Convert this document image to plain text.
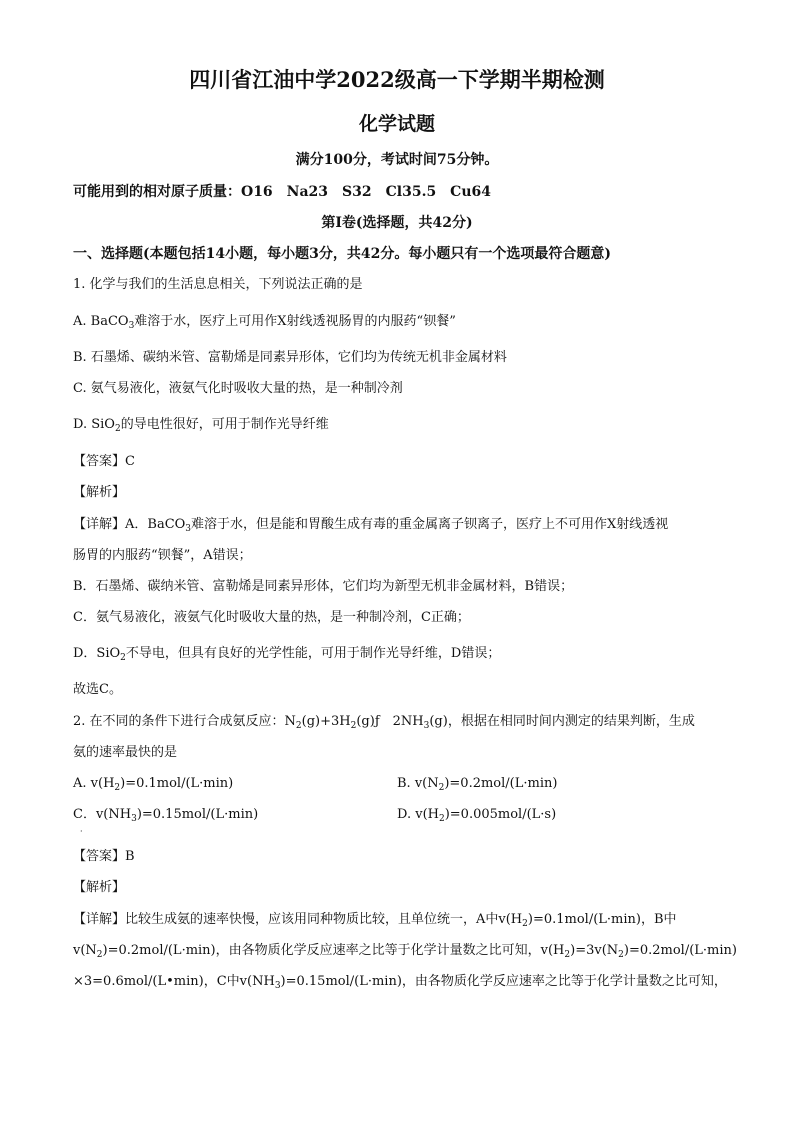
四川省江油中学2022级高一下学期半期检测
化学试题
满分100分，考试时间75分钟。
可能用到的相对原子质量：O16　Na23　S32　Cl35.5　Cu64
第I卷(选择题，共42分)
一、选择题(本题包括14小题，每小题3分，共42分。每小题只有一个选项最符合题意)
1. 化学与我们的生活息息相关，下列说法正确的是
A. BaCO$_3$难溶于水，医疗上可用作X射线透视肠胃的内服药“钡餐”
B. 石墨烯、碳纳米管、富勒烯是同素异形体，它们均为传统无机非金属材料
C. 氨气易液化，液氨气化时吸收大量的热，是一种制冷剂
D. SiO$_2$的导电性很好，可用于制作光导纤维
【答案】C
【解析】
【详解】A．BaCO$_3$难溶于水，但是能和胃酸生成有毒的重金属离子钡离子，医疗上不可用作X射线透视
肠胃的内服药“钡餐”，A错误；
B．石墨烯、碳纳米管、富勒烯是同素异形体，它们均为新型无机非金属材料，B错误；
C．氨气易液化，液氨气化时吸收大量的热，是一种制冷剂，C正确；
D．SiO$_2$不导电，但具有良好的光学性能，可用于制作光导纤维，D错误；
故选C。
2. 在不同的条件下进行合成氨反应：$N_2(g)+3H_2(g)ƒ$　$2NH_3(g)$，根据在相同时间内测定的结果判断，生成
氨的速率最快的是
A. $v(H_2)=0.1mol/(L\cdot\min)$	B. $v(N_2)=0.2mol/(L\cdot\min)$
C．$v(NH_3)=0.15mol/(L\cdot\min)$	D. $v(H_2)=0.005mol/(L\cdot s)$
·
【答案】B
【解析】
【详解】比较生成氨的速率快慢，应该用同种物质比较，且单位统一，A中$v(H_2)=0.1mol/(L\cdot\min)$，B中
$v(N_2)=0.2mol/(L\cdot\min)$，由各物质化学反应速率之比等于化学计量数之比可知，$v(H_2)=3v(N_2)=0.2mol/(L\cdot\min)$
×3=0.6mol/(L•min)，C中$v(NH_3)=0.15mol/(L\cdot\min)$，由各物质化学反应速率之比等于化学计量数之比可知，
